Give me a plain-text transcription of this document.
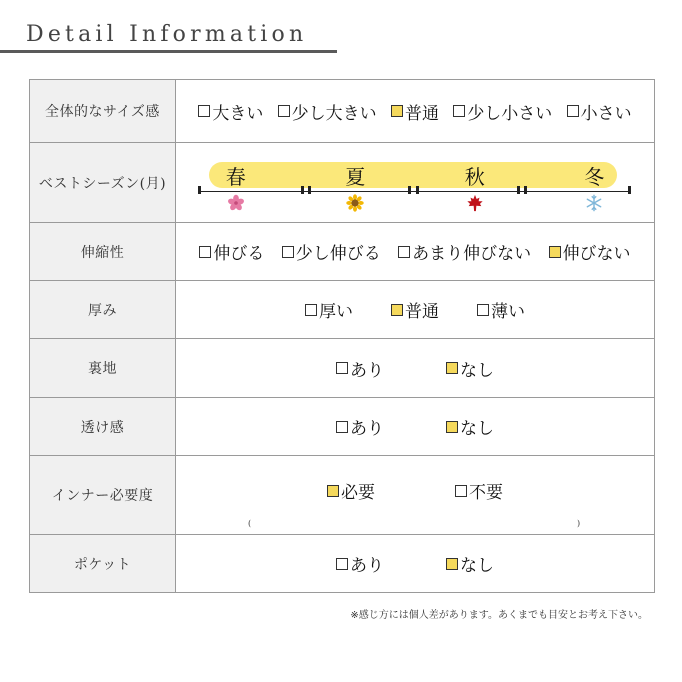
Detail Information
全体的なサイズ感	大きい 少し大きい 普通 少し小さい 小さい

ベストシーズン(月)	春 夏 秋 冬

伸縮性	伸びる 少し伸びる あまり伸びない 伸びない

厚み	厚い 普通 薄い

裏地	あり なし

透け感	あり なし

インナー必要度	必要 不要
( )

ポケット	あり なし
※感じ方には個人差があります。あくまでも目安とお考え下さい。
